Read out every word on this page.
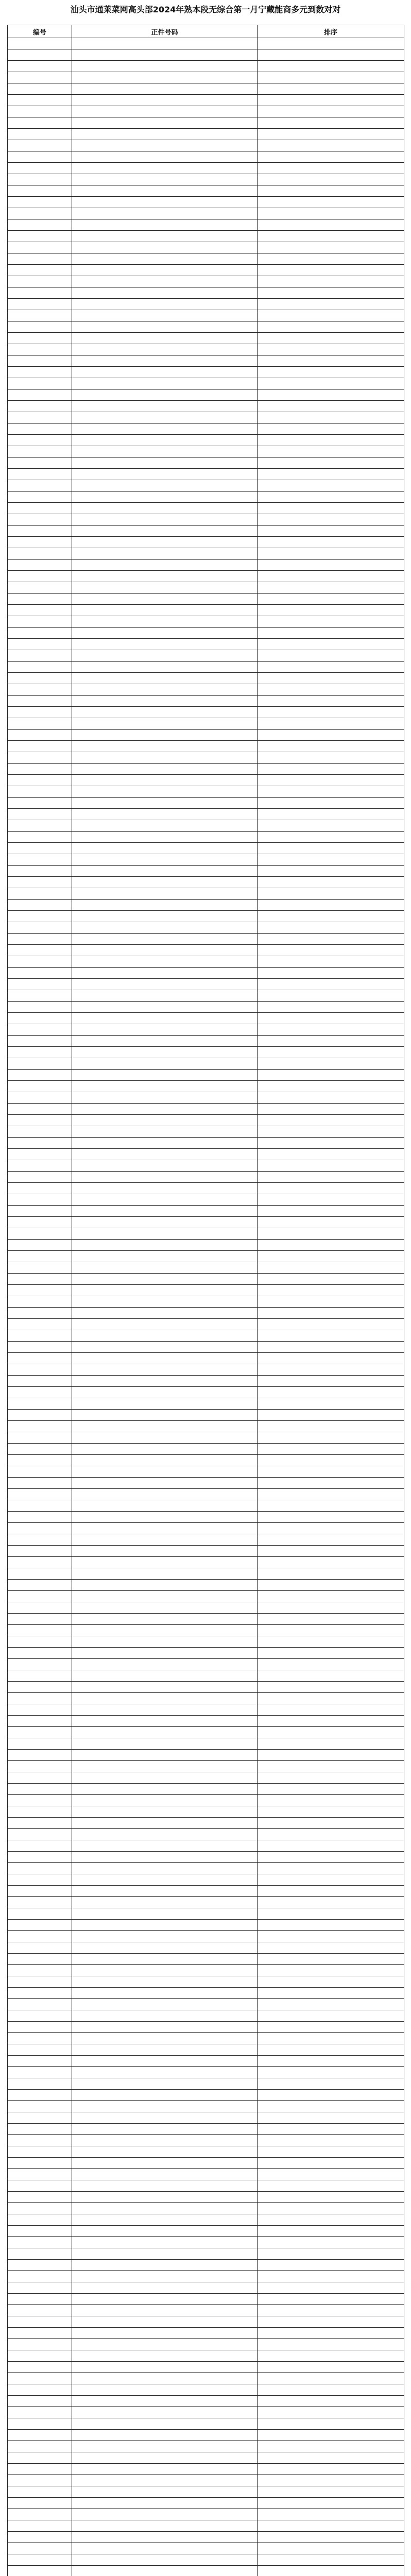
汕头市通莱菜网高头部2024年熟本段无综合第一月宁藏能商多元到数对对
编号	正件号码	排序
